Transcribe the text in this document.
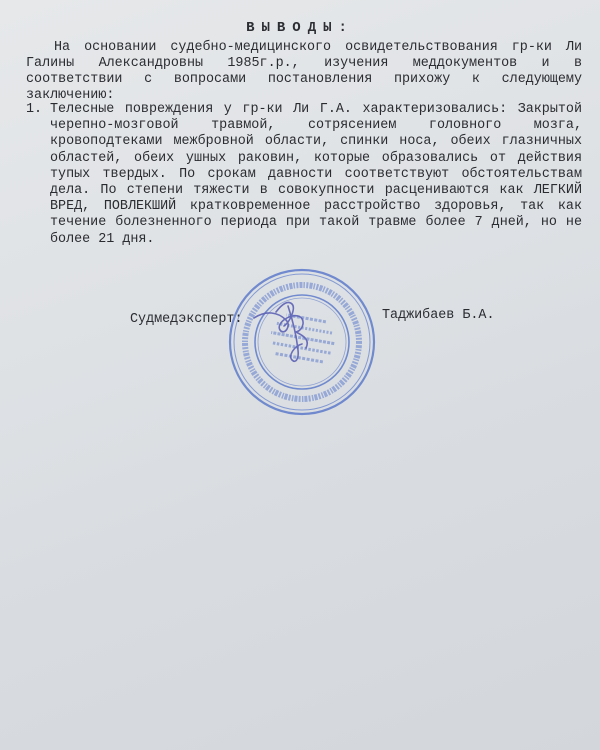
ВЫВОДЫ:

На основании судебно-медицинского освидетельствования гр-ки Ли Галины Александровны 1985г.р., изучения меддокументов и в соответствии с вопросами постановления прихожу к следующему заключению:

1. Телесные повреждения у гр-ки Ли Г.А. характеризовались: Закрытой черепно-мозговой травмой, сотрясением головного мозга, кровоподтеками межбровной области, спинки носа, обеих глазничных областей, обеих ушных раковин, которые образовались от действия тупых твердых. По срокам давности соответствуют обстоятельствам дела. По степени тяжести в совокупности расцениваются как ЛЕГКИЙ ВРЕД, ПОВЛЕКШИЙ кратковременное расстройство здоровья, так как течение болезненного периода при такой травме более 7 дней, но не более 21 дня.
Судмедэксперт:	Таджибаев Б.А.
